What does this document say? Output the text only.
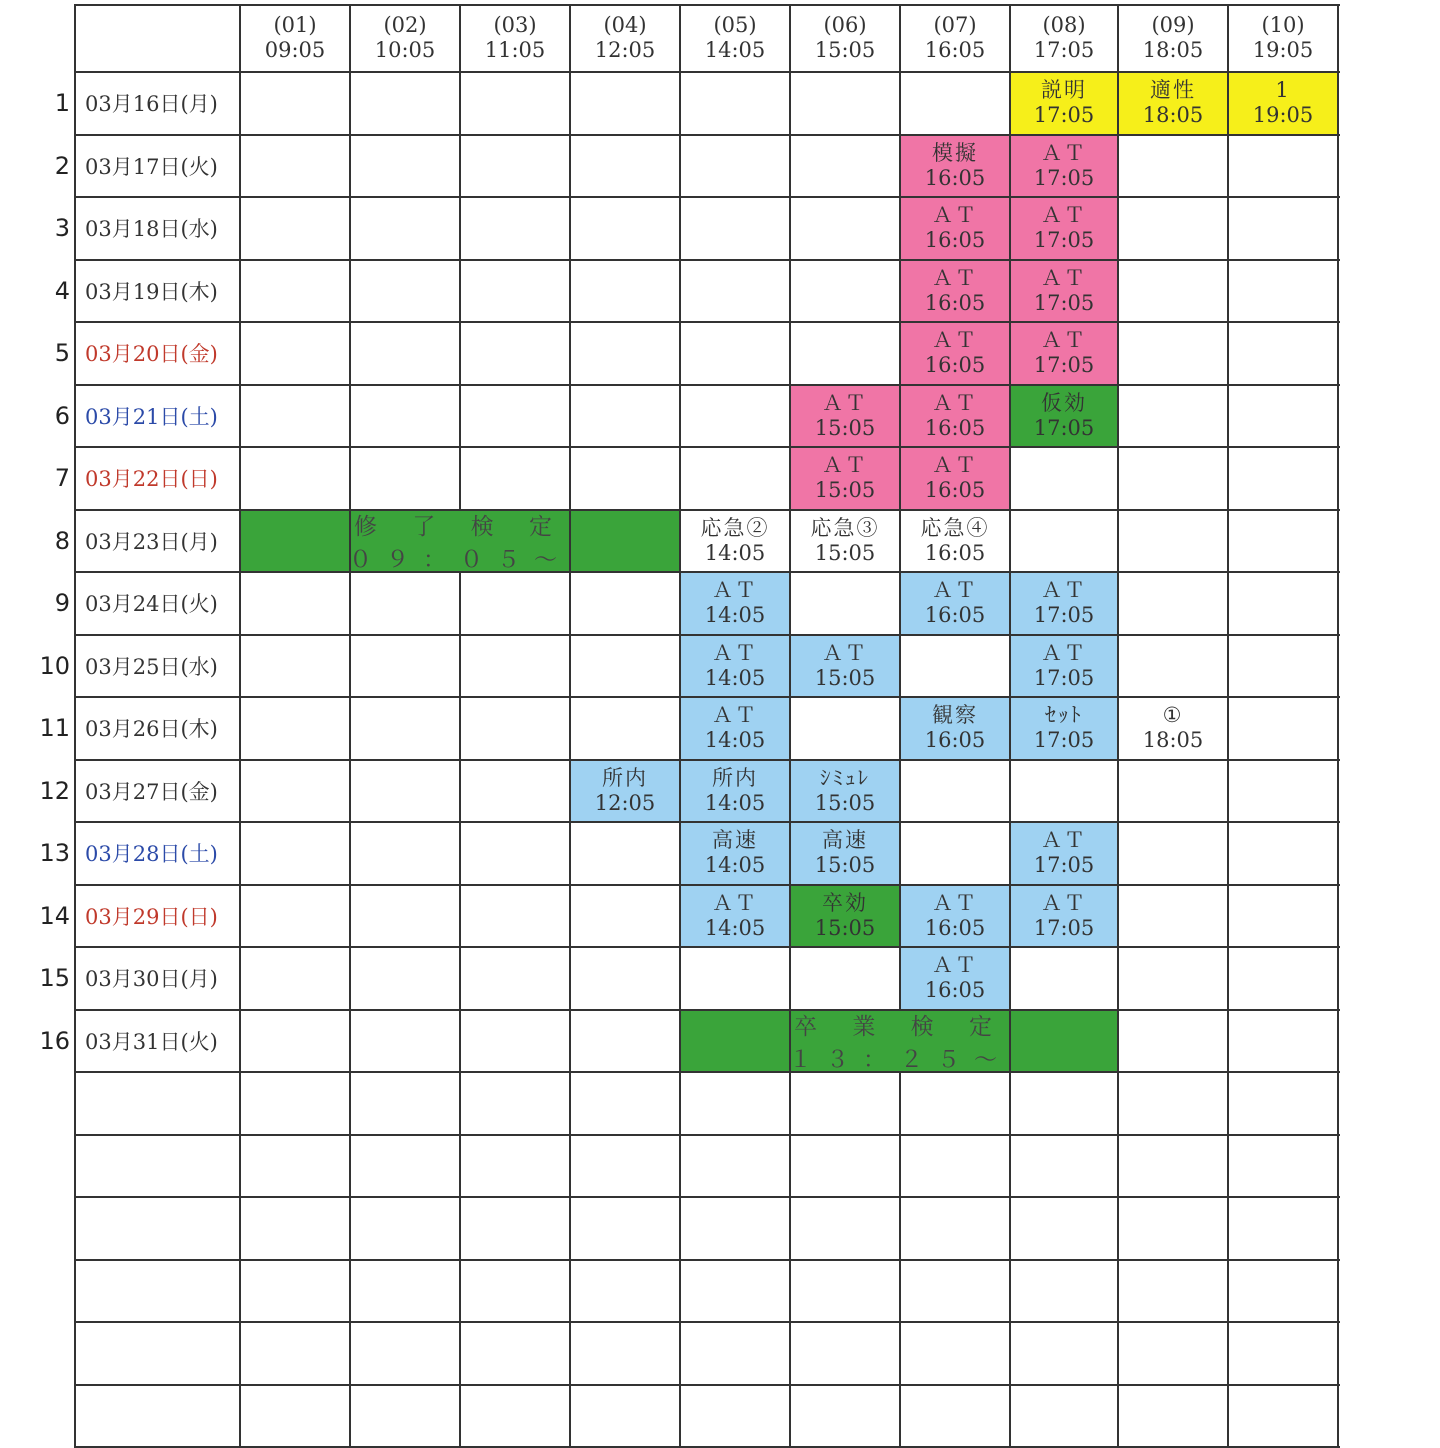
説明
17:05
適性
18:05
1
19:05
模擬
16:05
ＡＴ
17:05
ＡＴ
16:05
ＡＴ
17:05
ＡＴ
16:05
ＡＴ
17:05
ＡＴ
16:05
ＡＴ
17:05
ＡＴ
15:05
ＡＴ
16:05
仮効
17:05
ＡＴ
15:05
ＡＴ
16:05
応急②
14:05
応急③
15:05
応急④
16:05
ＡＴ
14:05
ＡＴ
16:05
ＡＴ
17:05
ＡＴ
14:05
ＡＴ
15:05
ＡＴ
17:05
ＡＴ
14:05
観察
16:05
ｾｯﾄ
17:05
①
18:05
所内
12:05
所内
14:05
ｼﾐｭﾚ
15:05
高速
14:05
高速
15:05
ＡＴ
17:05
ＡＴ
14:05
卒効
15:05
ＡＴ
16:05
ＡＴ
17:05
ＡＴ
16:05
(01)
09:05
(02)
10:05
(03)
11:05
(04)
12:05
(05)
14:05
(06)
15:05
(07)
16:05
(08)
17:05
(09)
18:05
(10)
19:05
1 03月16日(月)
2 03月17日(火)
3 03月18日(水)
4 03月19日(木)
5 03月20日(金)
6 03月21日(土)
7 03月22日(日)
8 03月23日(月)
9 03月24日(火)
10 03月25日(水)
11 03月26日(木)
12 03月27日(金)
13 03月28日(土)
14 03月29日(日)
15 03月30日(月)
16 03月31日(火)
修 了 検 定
０９：０５～
卒 業 検 定
１３：２５～
